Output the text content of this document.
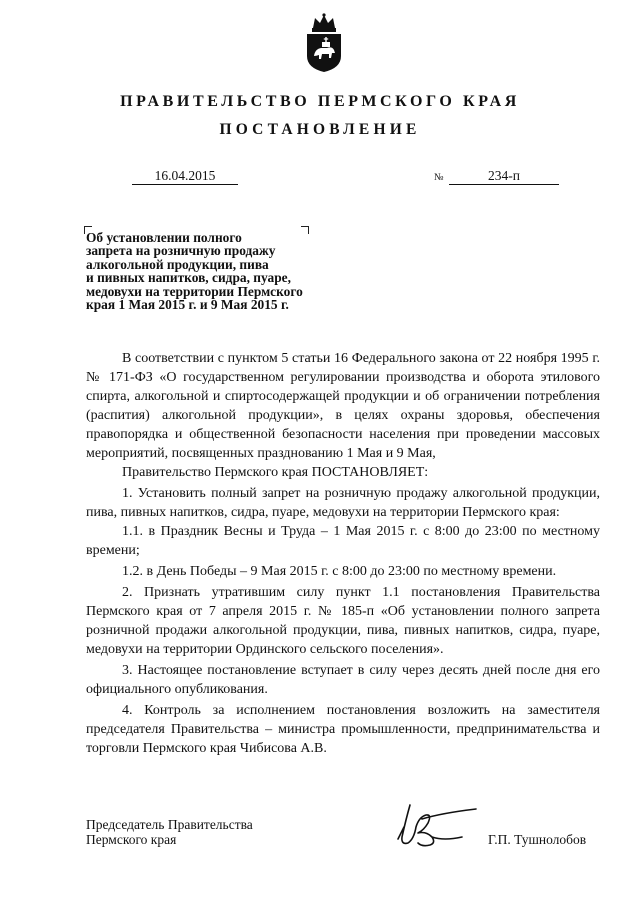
ПРАВИТЕЛЬСТВО ПЕРМСКОГО КРАЯ
ПОСТАНОВЛЕНИЕ
16.04.2015	№	234-п
Об установлении полного
запрета на розничную продажу
алкогольной продукции, пива
и пивных напитков, сидра, пуаре,
медовухи на территории Пермского
края 1 Мая 2015 г. и 9 Мая 2015 г.

В соответствии с пунктом 5 статьи 16 Федерального закона от 22 ноября 1995 г. № 171-ФЗ «О государственном регулировании производства и оборота этилового спирта, алкогольной и спиртосодержащей продукции и об ограничении потребления (распития) алкогольной продукции», в целях охраны здоровья, обеспечения правопорядка и общественной безопасности населения при проведении массовых мероприятий, посвященных празднованию 1 Мая и 9 Мая,

Правительство Пермского края ПОСТАНОВЛЯЕТ:

1. Установить полный запрет на розничную продажу алкогольной продукции, пива, пивных напитков, сидра, пуаре, медовухи на территории Пермского края:

1.1. в Праздник Весны и Труда – 1 Мая 2015 г. с 8:00 до 23:00 по местному времени;

1.2. в День Победы – 9 Мая 2015 г. с 8:00 до 23:00 по местному времени.

2. Признать утратившим силу пункт 1.1 постановления Правительства Пермского края от 7 апреля 2015 г. № 185-п «Об установлении полного запрета розничной продажи алкогольной продукции, пива, пивных напитков, сидра, пуаре, медовухи на территории Ординского сельского поселения».

3. Настоящее постановление вступает в силу через десять дней после дня его официального опубликования.

4. Контроль за исполнением постановления возложить на заместителя председателя Правительства – министра промышленности, предпринимательства и торговли Пермского края Чибисова А.В.

Председатель Правительства
Пермского края	Г.П. Тушнолобов
